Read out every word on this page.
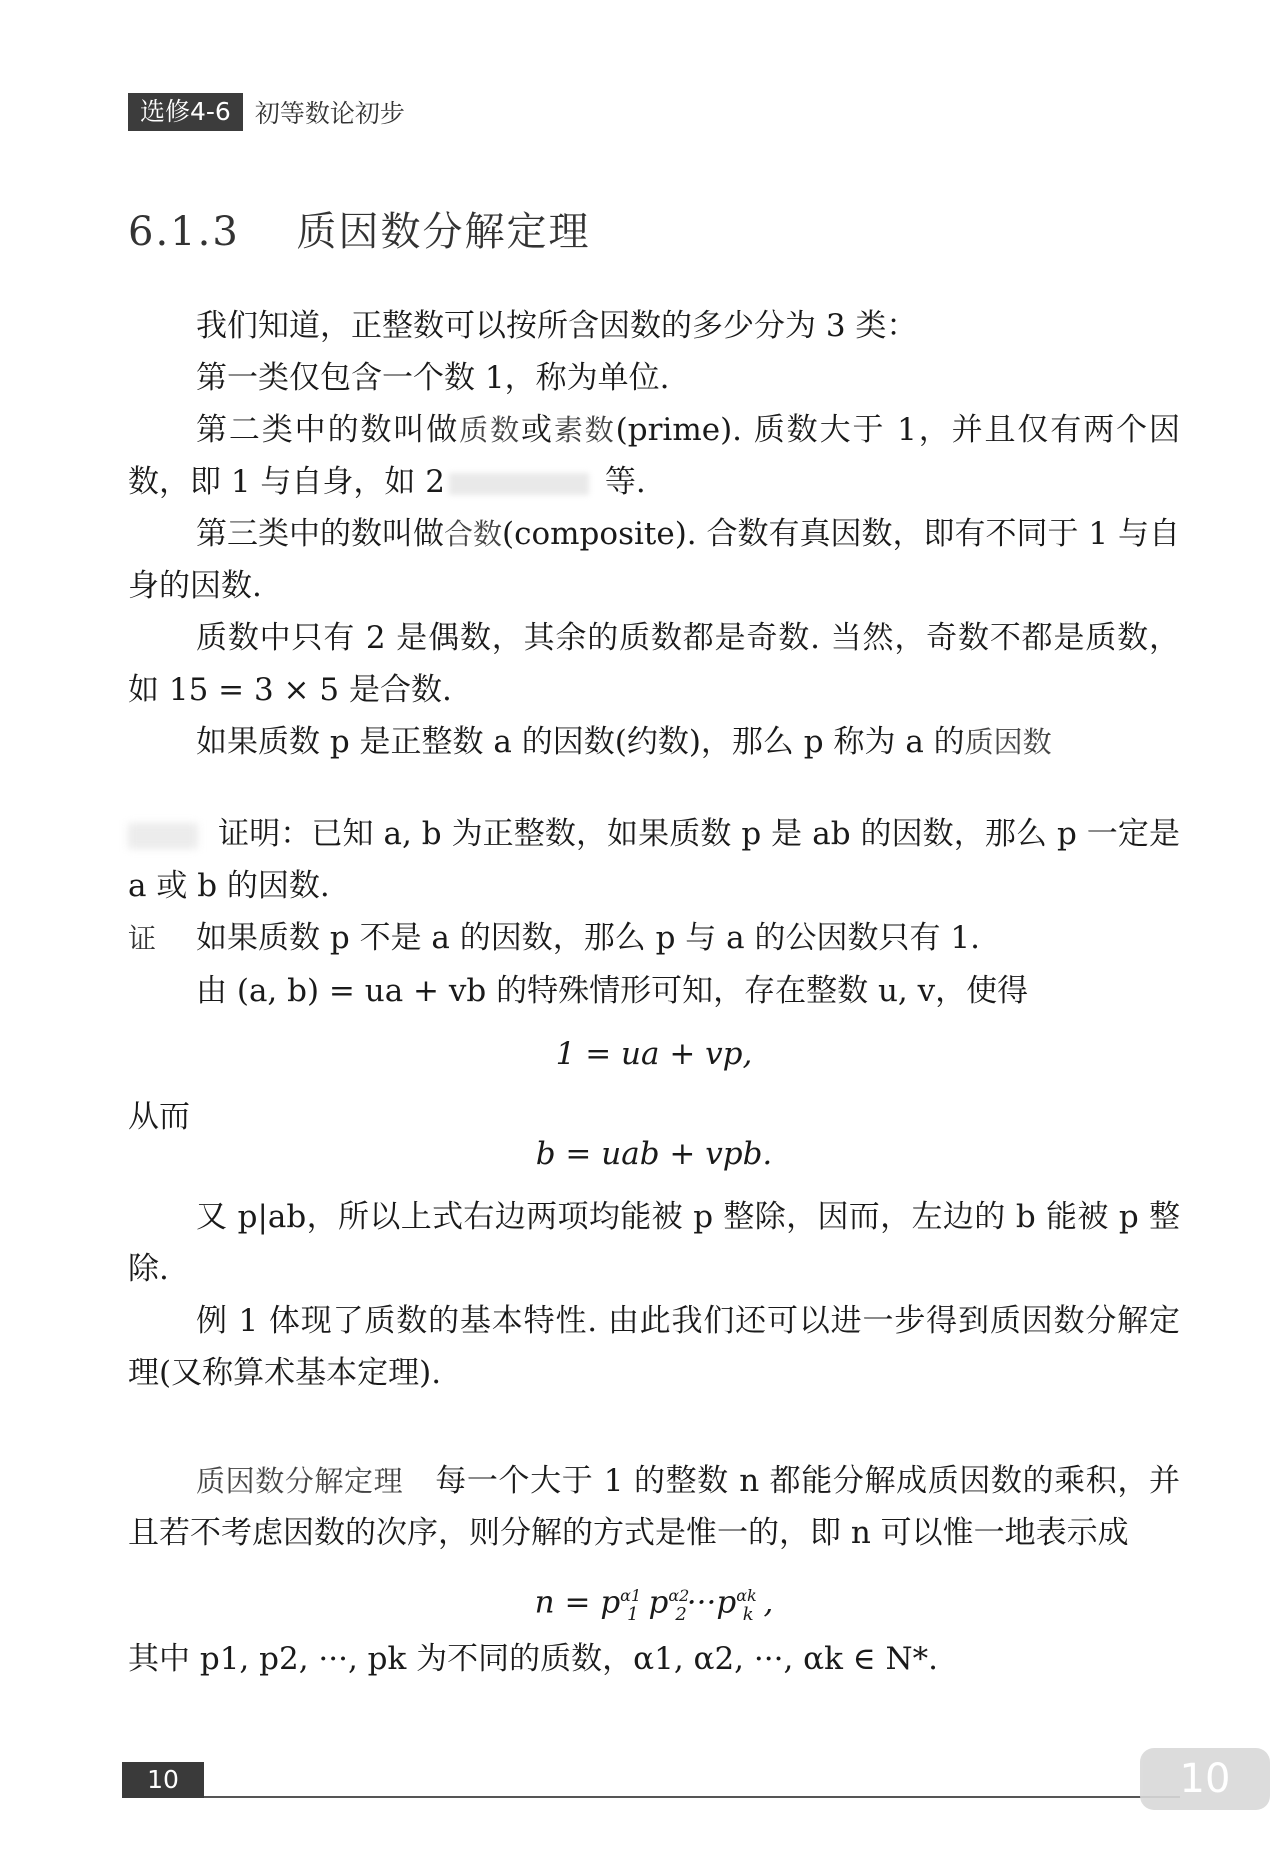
选修4-6 初等数论初步
6.1.3 质因数分解定理

我们知道，正整数可以按所含因数的多少分为 3 类：

第一类仅包含一个数 1，称为单位.

第二类中的数叫做质数或素数(prime). 质数大于 1，并且仅有两个因数，即 1 与自身，如 2	等.

第三类中的数叫做合数(composite). 合数有真因数，即有不同于 1 与自身的因数.

质数中只有 2 是偶数，其余的质数都是奇数. 当然，奇数不都是质数，如 15 = 3 × 5 是合数.

如果质数 p 是正整数 a 的因数(约数)，那么 p 称为 a 的质因数

证明：已知 a, b 为正整数，如果质数 p 是 ab 的因数，那么 p 一定是 a 或 b 的因数.

证 如果质数 p 不是 a 的因数，那么 p 与 a 的公因数只有 1.

由 (a, b) = ua + vb 的特殊情形可知，存在整数 u, v，使得

1 = ua + vp,

从而

b = uab + vpb.

又 p|ab，所以上式右边两项均能被 p 整除，因而，左边的 b 能被 p 整除.

例 1 体现了质数的基本特性. 由此我们还可以进一步得到质因数分解定理(又称算术基本定理).

质因数分解定理 每一个大于 1 的整数 n 都能分解成质因数的乘积，并且若不考虑因数的次序，则分解的方式是惟一的，即 n 可以惟一地表示成

$n = p^{\alpha 1}_1$ $p^{\alpha 2}_2\cdot\cdot\cdot p^{\alpha k}_k$ ,

其中 p1, p2, ···, pk 为不同的质数，α1, α2, ···, αk ∈ N*.

10	10
